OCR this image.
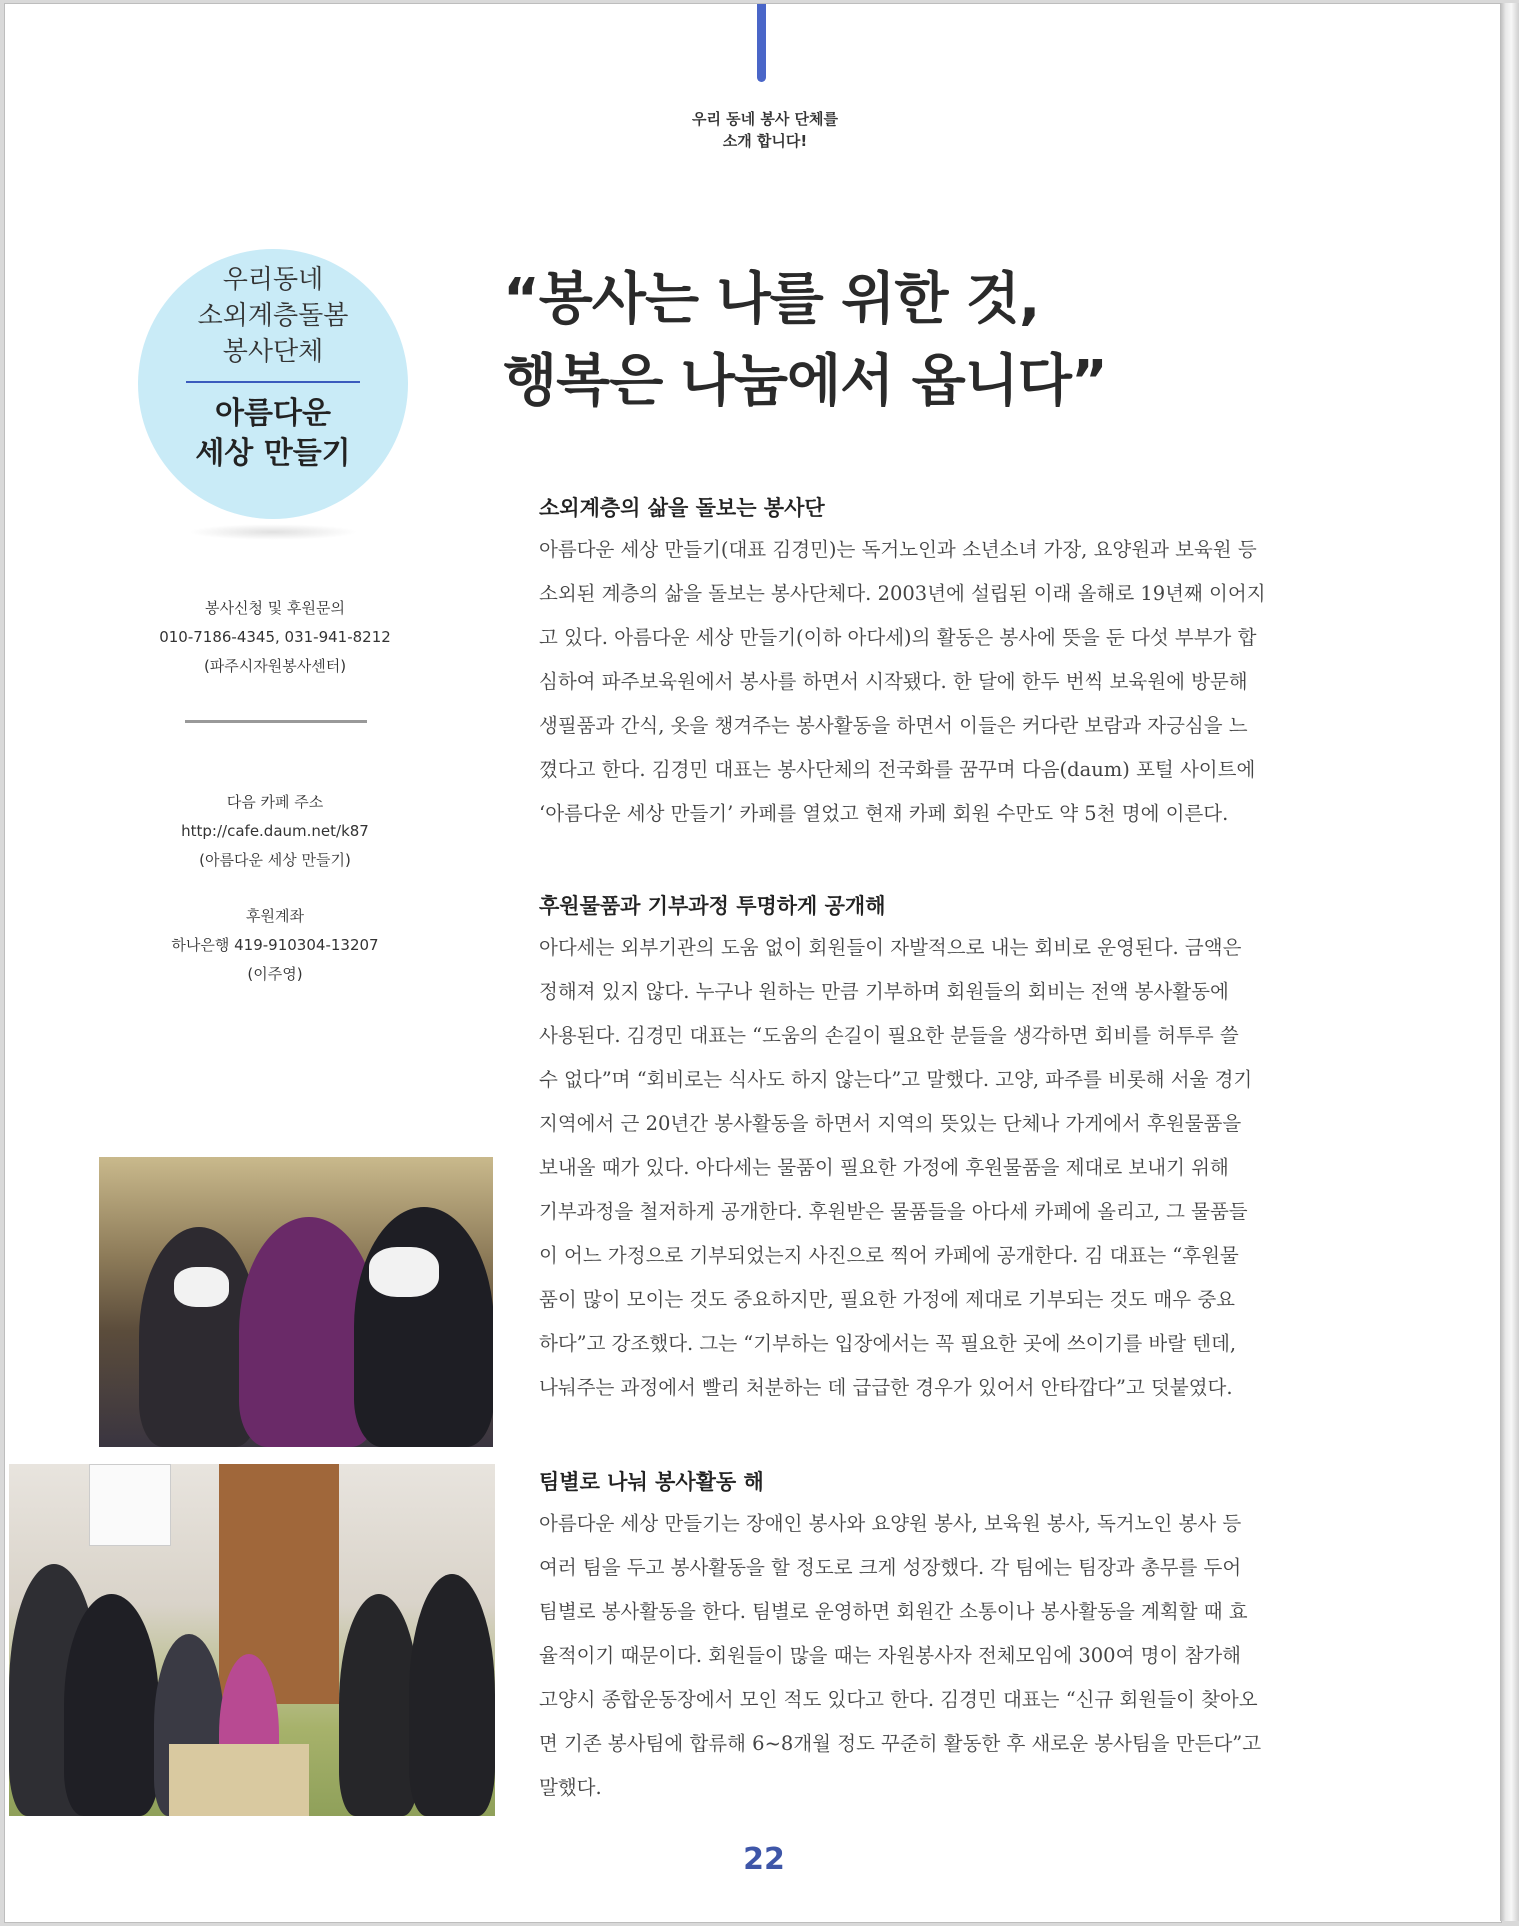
우리 동네 봉사 단체를
소개 합니다!
우리동네
소외계층돌봄
봉사단체
아름다운
세상 만들기
봉사신청 및 후원문의
010-7186-4345, 031-941-8212
(파주시자원봉사센터)
다음 카페 주소
http://cafe.daum.net/k87
(아름다운 세상 만들기)
후원계좌
하나은행 419-910304-13207
(이주영)
“봉사는 나를 위한 것,
행복은 나눔에서 옵니다”
소외계층의 삶을 돌보는 봉사단
아름다운 세상 만들기(대표 김경민)는 독거노인과 소년소녀 가장, 요양원과 보육원 등
소외된 계층의 삶을 돌보는 봉사단체다. 2003년에 설립된 이래 올해로 19년째 이어지
고 있다. 아름다운 세상 만들기(이하 아다세)의 활동은 봉사에 뜻을 둔 다섯 부부가 합
심하여 파주보육원에서 봉사를 하면서 시작됐다. 한 달에 한두 번씩 보육원에 방문해
생필품과 간식, 옷을 챙겨주는 봉사활동을 하면서 이들은 커다란 보람과 자긍심을 느
꼈다고 한다. 김경민 대표는 봉사단체의 전국화를 꿈꾸며 다음(daum) 포털 사이트에
‘아름다운 세상 만들기’ 카페를 열었고 현재 카페 회원 수만도 약 5천 명에 이른다.
후원물품과 기부과정 투명하게 공개해
아다세는 외부기관의 도움 없이 회원들이 자발적으로 내는 회비로 운영된다. 금액은
정해져 있지 않다. 누구나 원하는 만큼 기부하며 회원들의 회비는 전액 봉사활동에
사용된다. 김경민 대표는 “도움의 손길이 필요한 분들을 생각하면 회비를 허투루 쓸
수 없다”며 “회비로는 식사도 하지 않는다”고 말했다. 고양, 파주를 비롯해 서울 경기
지역에서 근 20년간 봉사활동을 하면서 지역의 뜻있는 단체나 가게에서 후원물품을
보내올 때가 있다. 아다세는 물품이 필요한 가정에 후원물품을 제대로 보내기 위해
기부과정을 철저하게 공개한다. 후원받은 물품들을 아다세 카페에 올리고, 그 물품들
이 어느 가정으로 기부되었는지 사진으로 찍어 카페에 공개한다. 김 대표는 “후원물
품이 많이 모이는 것도 중요하지만, 필요한 가정에 제대로 기부되는 것도 매우 중요
하다”고 강조했다. 그는 “기부하는 입장에서는 꼭 필요한 곳에 쓰이기를 바랄 텐데,
나눠주는 과정에서 빨리 처분하는 데 급급한 경우가 있어서 안타깝다”고 덧붙였다.
팀별로 나눠 봉사활동 해
아름다운 세상 만들기는 장애인 봉사와 요양원 봉사, 보육원 봉사, 독거노인 봉사 등
여러 팀을 두고 봉사활동을 할 정도로 크게 성장했다. 각 팀에는 팀장과 총무를 두어
팀별로 봉사활동을 한다. 팀별로 운영하면 회원간 소통이나 봉사활동을 계획할 때 효
율적이기 때문이다. 회원들이 많을 때는 자원봉사자 전체모임에 300여 명이 참가해
고양시 종합운동장에서 모인 적도 있다고 한다. 김경민 대표는 “신규 회원들이 찾아오
면 기존 봉사팀에 합류해 6~8개월 정도 꾸준히 활동한 후 새로운 봉사팀을 만든다”고
말했다.
22
